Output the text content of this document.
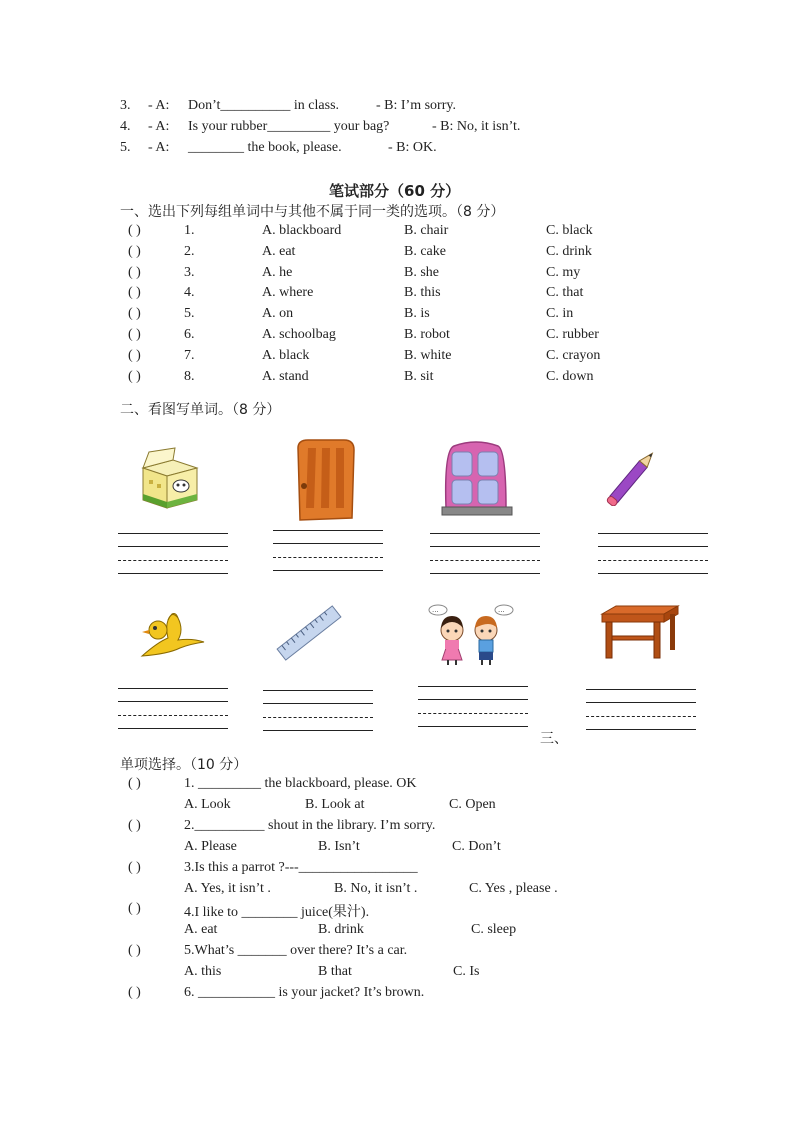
3. - A: Don’t__________ in class.	- B: I’m sorry.
4. - A: Is your rubber_________ your bag?	- B: No, it isn’t.
5. - A: ________ the book, please.	- B: OK.
笔试部分（60 分）
一、选出下列每组单词中与其他不属于同一类的选项。（8 分）
( )	1.	A. blackboard	B. chair	C. black
( )	2.	A. eat	B. cake	C. drink
( )	3.	A. he	B. she	C. my
( )	4.	A. where	B. this	C. that
( )	5.	A. on	B. is	C. in
( )	6.	A. schoolbag	B. robot	C. rubber
( )	7.	A. black	B. white	C. crayon
( )	8.	A. stand	B. sit	C. down
二、看图写单词。（8 分）
...	...
三、
单项选择。（10 分）
( )	1. _________ the blackboard, please. OK
A. Look	B. Look at	C. Open
( )	2.__________ shout in the library. I’m sorry.
A. Please	B. Isn’t	C. Don’t
( )	3.Is this a parrot ?---_________________
A. Yes, it isn’t .	B. No, it isn’t .	C. Yes , please .
( )	4.I like to ________ juice(果汁).
A. eat	B. drink	C. sleep
( )	5.What’s _______ over there? It’s a car.
A. this	B that	C. Is
( )	6. ___________ is your jacket? It’s brown.
